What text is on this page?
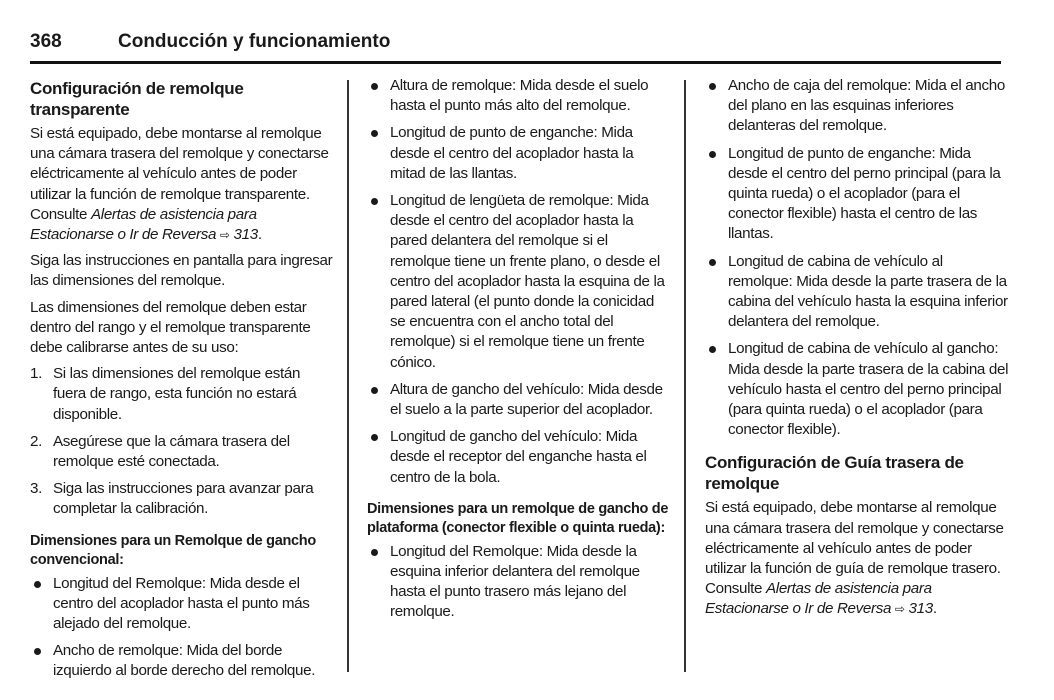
368	Conducción y funcionamiento
Configuración de remolque transparente

Si está equipado, debe montarse al remolque una cámara trasera del remolque y conectarse eléctricamente al vehículo antes de poder utilizar la función de remolque transparente. Consulte Alertas de asistencia para Estacionarse o Ir de Reversa ⇨ 313.

Siga las instrucciones en pantalla para ingresar las dimensiones del remolque.

Las dimensiones del remolque deben estar dentro del rango y el remolque transparente debe calibrarse antes de su uso:

1. Si las dimensiones del remolque están fuera de rango, esta función no estará disponible.
2. Asegúrese que la cámara trasera del remolque esté conectada.
3. Siga las instrucciones para avanzar para completar la calibración.
Dimensiones para un Remolque de gancho convencional:
Longitud del Remolque: Mida desde el centro del acoplador hasta el punto más alejado del remolque.
Ancho de remolque: Mida del borde izquierdo al borde derecho del remolque.
Altura de remolque: Mida desde el suelo hasta el punto más alto del remolque.
Longitud de punto de enganche: Mida desde el centro del acoplador hasta la mitad de las llantas.
Longitud de lengüeta de remolque: Mida desde el centro del acoplador hasta la pared delantera del remolque si el remolque tiene un frente plano, o desde el centro del acoplador hasta la esquina de la pared lateral (el punto donde la conicidad se encuentra con el ancho total del remolque) si el remolque tiene un frente cónico.
Altura de gancho del vehículo: Mida desde el suelo a la parte superior del acoplador.
Longitud de gancho del vehículo: Mida desde el receptor del enganche hasta el centro de la bola.
Dimensiones para un remolque de gancho de plataforma (conector flexible o quinta rueda):
Longitud del Remolque: Mida desde la esquina inferior delantera del remolque hasta el punto trasero más lejano del remolque.
Ancho de caja del remolque: Mida el ancho del plano en las esquinas inferiores delanteras del remolque.
Longitud de punto de enganche: Mida desde el centro del perno principal (para la quinta rueda) o el acoplador (para el conector flexible) hasta el centro de las llantas.
Longitud de cabina de vehículo al remolque: Mida desde la parte trasera de la cabina del vehículo hasta la esquina inferior delantera del remolque.
Longitud de cabina de vehículo al gancho: Mida desde la parte trasera de la cabina del vehículo hasta el centro del perno principal (para quinta rueda) o el acoplador (para conector flexible).
Configuración de Guía trasera de remolque

Si está equipado, debe montarse al remolque una cámara trasera del remolque y conectarse eléctricamente al vehículo antes de poder utilizar la función de guía de remolque trasero. Consulte Alertas de asistencia para Estacionarse o Ir de Reversa ⇨ 313.
